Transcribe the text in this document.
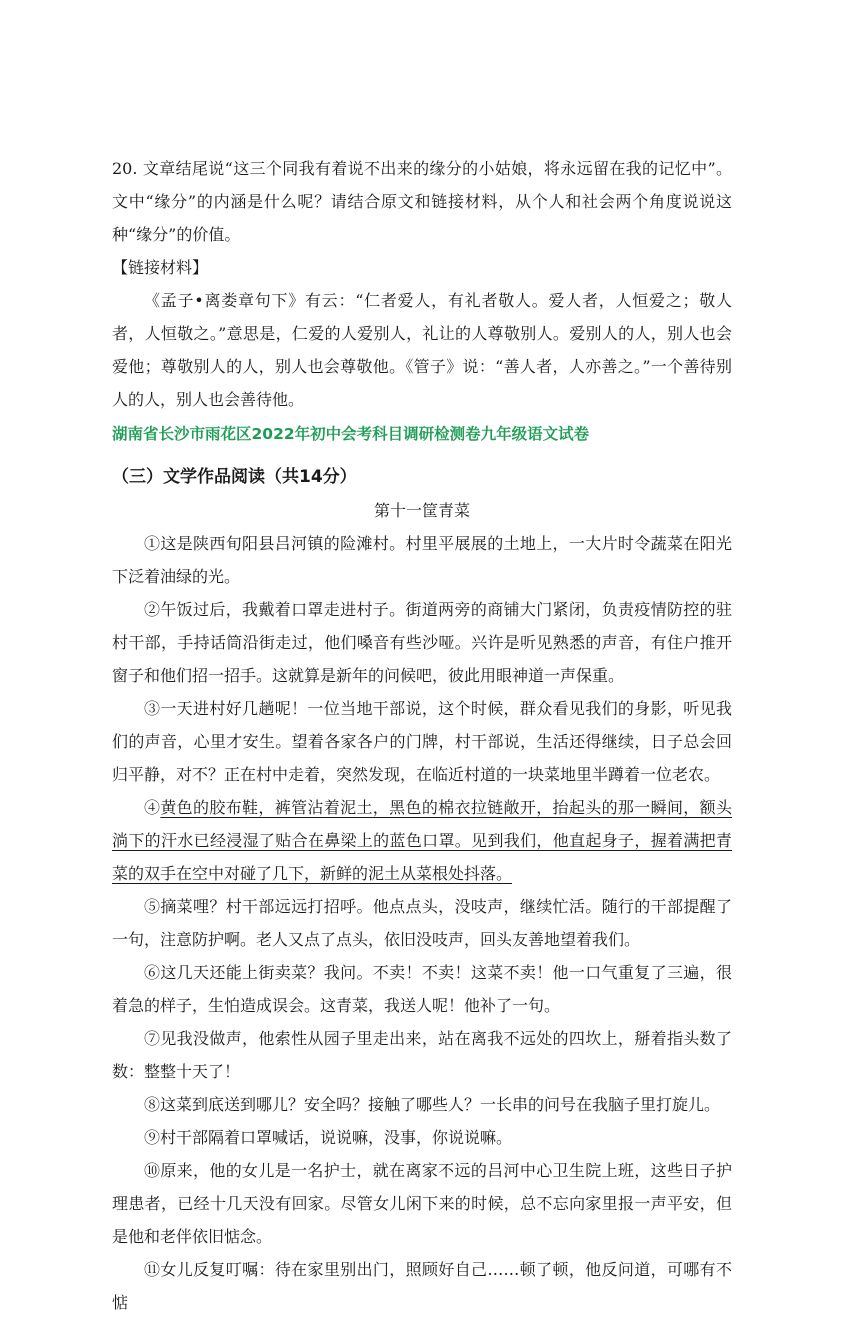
20. 文章结尾说“这三个同我有着说不出来的缘分的小姑娘，将永远留在我的记忆中”。文中“缘分”的内涵是什么呢？请结合原文和链接材料，从个人和社会两个角度说说这种“缘分”的价值。

【链接材料】

《孟子•离娄章句下》有云：“仁者爱人，有礼者敬人。爱人者，人恒爱之；敬人者，人恒敬之。”意思是，仁爱的人爱别人，礼让的人尊敬别人。爱别人的人，别人也会爱他；尊敬别人的人，别人也会尊敬他。《管子》说：“善人者，人亦善之。”一个善待别人的人，别人也会善待他。

湖南省长沙市雨花区2022年初中会考科目调研检测卷九年级语文试卷

（三）文学作品阅读（共14分）

第十一筐青菜

①这是陕西旬阳县吕河镇的险滩村。村里平展展的土地上，一大片时令蔬菜在阳光下泛着油绿的光。

②午饭过后，我戴着口罩走进村子。街道两旁的商铺大门紧闭，负责疫情防控的驻村干部，手持话筒沿街走过，他们嗓音有些沙哑。兴许是听见熟悉的声音，有住户推开窗子和他们招一招手。这就算是新年的问候吧，彼此用眼神道一声保重。

③一天进村好几趟呢！一位当地干部说，这个时候，群众看见我们的身影，听见我们的声音，心里才安生。望着各家各户的门牌，村干部说，生活还得继续，日子总会回归平静，对不？正在村中走着，突然发现，在临近村道的一块菜地里半蹲着一位老农。

④黄色的胶布鞋，裤管沾着泥土，黑色的棉衣拉链敞开，抬起头的那一瞬间，额头淌下的汗水已经浸湿了贴合在鼻梁上的蓝色口罩。见到我们，他直起身子，握着满把青菜的双手在空中对碰了几下，新鲜的泥土从菜根处抖落。

⑤摘菜哩？村干部远远打招呼。他点点头，没吱声，继续忙活。随行的干部提醒了一句，注意防护啊。老人又点了点头，依旧没吱声，回头友善地望着我们。

⑥这几天还能上街卖菜？我问。不卖！不卖！这菜不卖！他一口气重复了三遍，很着急的样子，生怕造成误会。这青菜，我送人呢！他补了一句。

⑦见我没做声，他索性从园子里走出来，站在离我不远处的四坎上，掰着指头数了数：整整十天了！

⑧这菜到底送到哪儿？安全吗？接触了哪些人？一长串的问号在我脑子里打旋儿。

⑨村干部隔着口罩喊话，说说嘛，没事，你说说嘛。

⑩原来，他的女儿是一名护士，就在离家不远的吕河中心卫生院上班，这些日子护理患者，已经十几天没有回家。尽管女儿闲下来的时候，总不忘向家里报一声平安，但是他和老伴依旧惦念。

⑪女儿反复叮嘱：待在家里别出门，照顾好自己……顿了顿，他反问道，可哪有不惦
